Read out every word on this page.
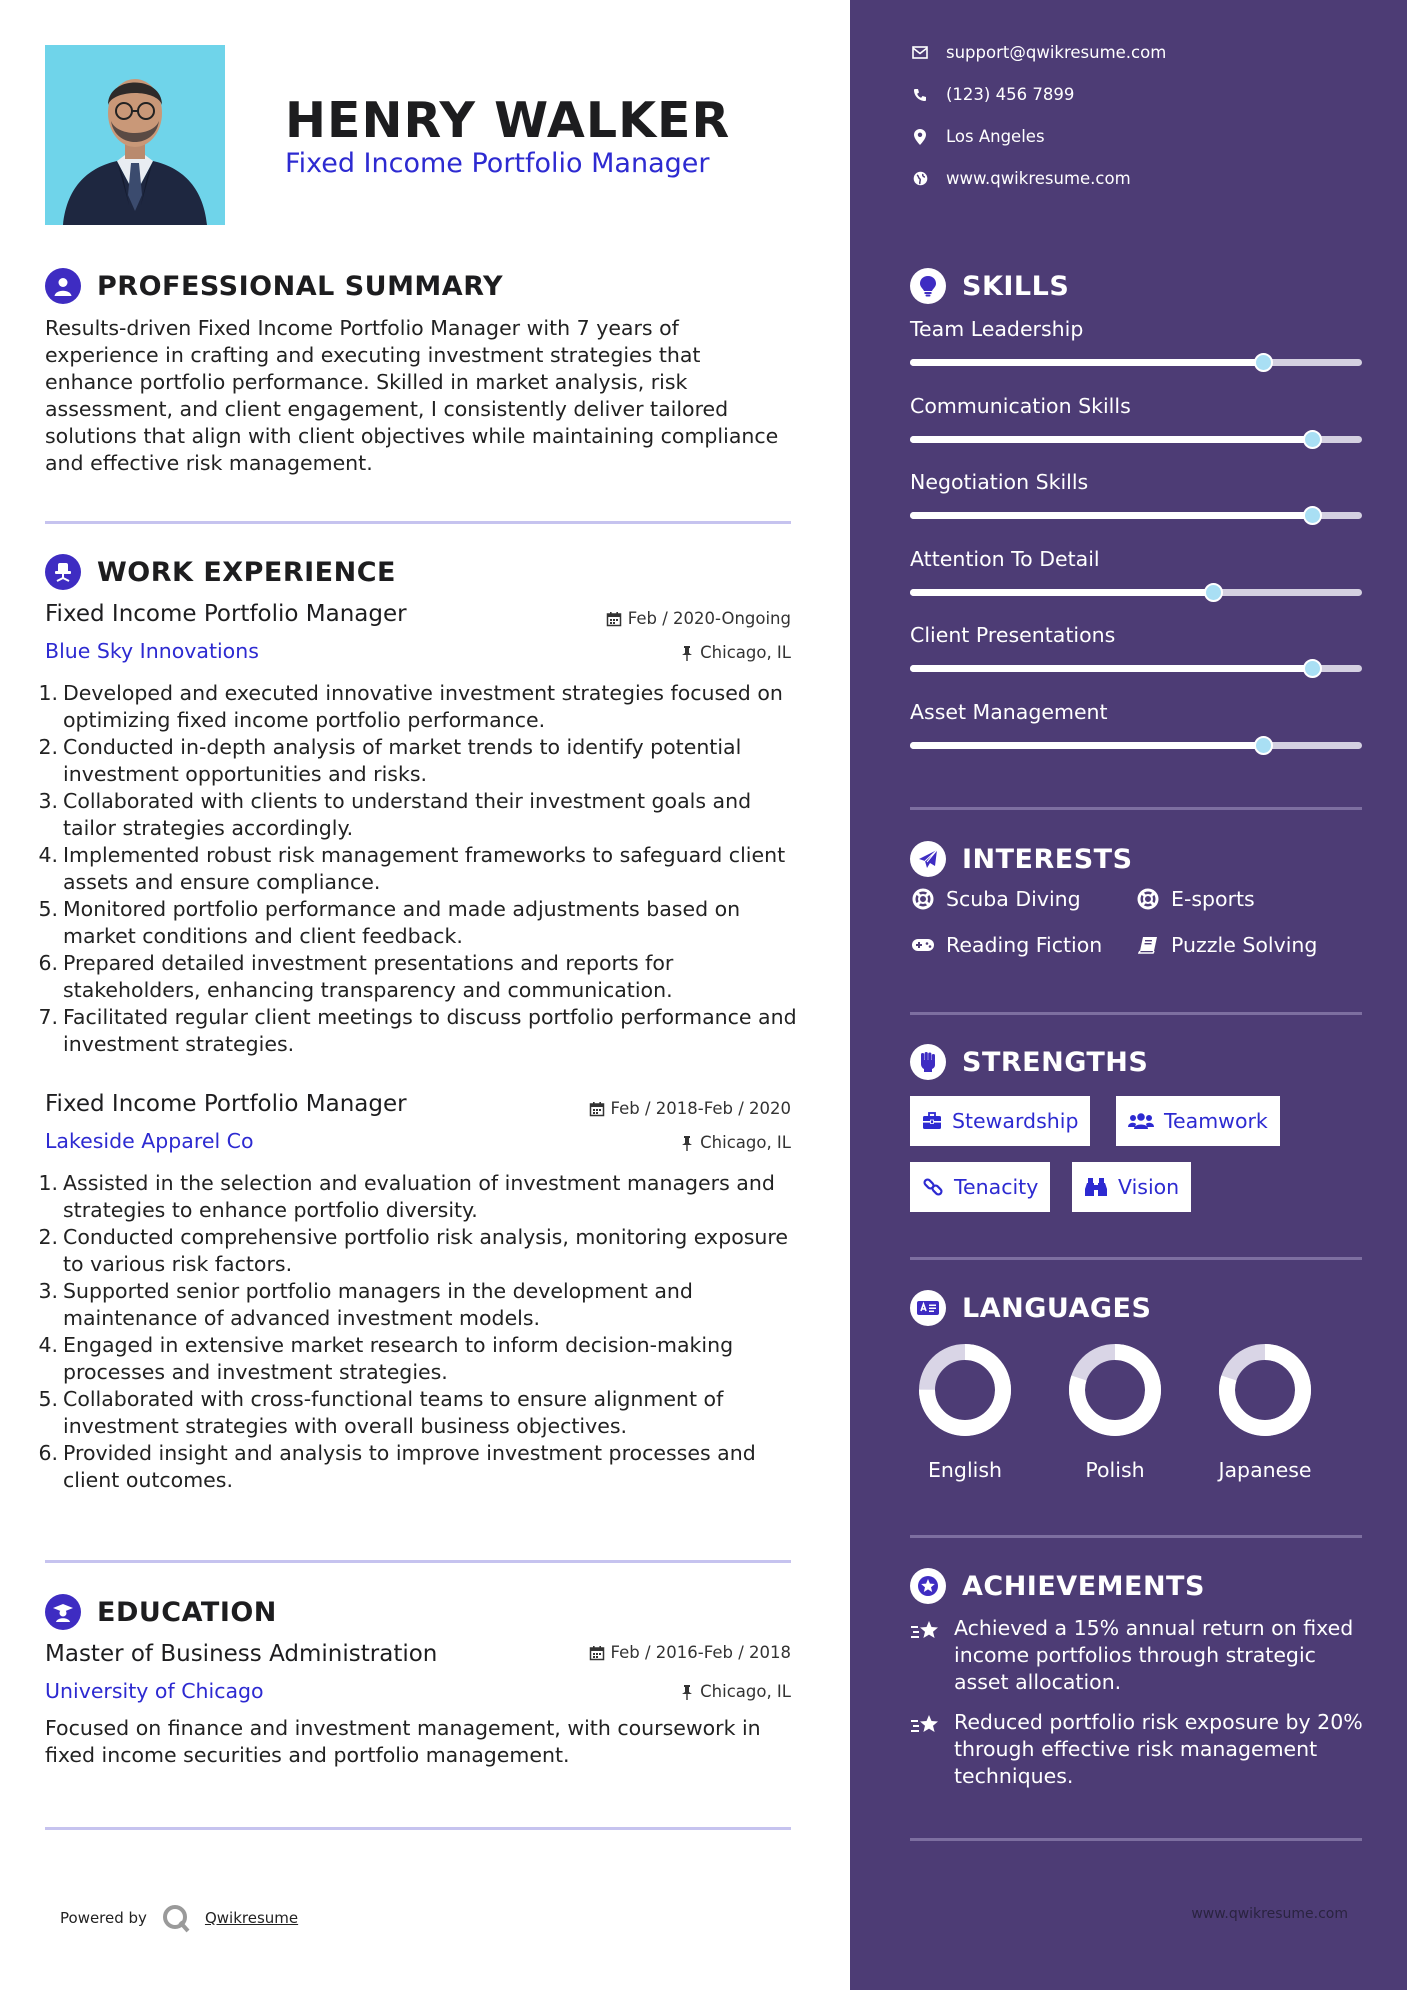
HENRY WALKER
Fixed Income Portfolio Manager
PROFESSIONAL SUMMARY
Results-driven Fixed Income Portfolio Manager with 7 years of experience in crafting and executing investment strategies that enhance portfolio performance. Skilled in market analysis, risk assessment, and client engagement, I consistently deliver tailored solutions that align with client objectives while maintaining compliance and effective risk management.
WORK EXPERIENCE
Fixed Income Portfolio Manager	Feb / 2020-Ongoing
Blue Sky Innovations	Chicago, IL
1. Developed and executed innovative investment strategies focused on optimizing fixed income portfolio performance.
2. Conducted in-depth analysis of market trends to identify potential investment opportunities and risks.
3. Collaborated with clients to understand their investment goals and tailor strategies accordingly.
4. Implemented robust risk management frameworks to safeguard client assets and ensure compliance.
5. Monitored portfolio performance and made adjustments based on market conditions and client feedback.
6. Prepared detailed investment presentations and reports for stakeholders, enhancing transparency and communication.
7. Facilitated regular client meetings to discuss portfolio performance and investment strategies.
Fixed Income Portfolio Manager	Feb / 2018-Feb / 2020
Lakeside Apparel Co	Chicago, IL
1. Assisted in the selection and evaluation of investment managers and strategies to enhance portfolio diversity.
2. Conducted comprehensive portfolio risk analysis, monitoring exposure to various risk factors.
3. Supported senior portfolio managers in the development and maintenance of advanced investment models.
4. Engaged in extensive market research to inform decision-making processes and investment strategies.
5. Collaborated with cross-functional teams to ensure alignment of investment strategies with overall business objectives.
6. Provided insight and analysis to improve investment processes and client outcomes.
EDUCATION
Master of Business Administration	Feb / 2016-Feb / 2018
University of Chicago	Chicago, IL
Focused on finance and investment management, with coursework in fixed income securities and portfolio management.
Powered by	Qwikresume
support@qwikresume.com
(123) 456 7899
Los Angeles
www.qwikresume.com
SKILLS
Team Leadership
Communication Skills
Negotiation Skills
Attention To Detail
Client Presentations
Asset Management
INTERESTS
Scuba Diving	E-sports
Reading Fiction	Puzzle Solving
STRENGTHS
Stewardship	Teamwork
Tenacity	Vision
LANGUAGES
English	Polish	Japanese
ACHIEVEMENTS
Achieved a 15% annual return on fixed income portfolios through strategic asset allocation.
Reduced portfolio risk exposure by 20% through effective risk management techniques.
www.qwikresume.com
